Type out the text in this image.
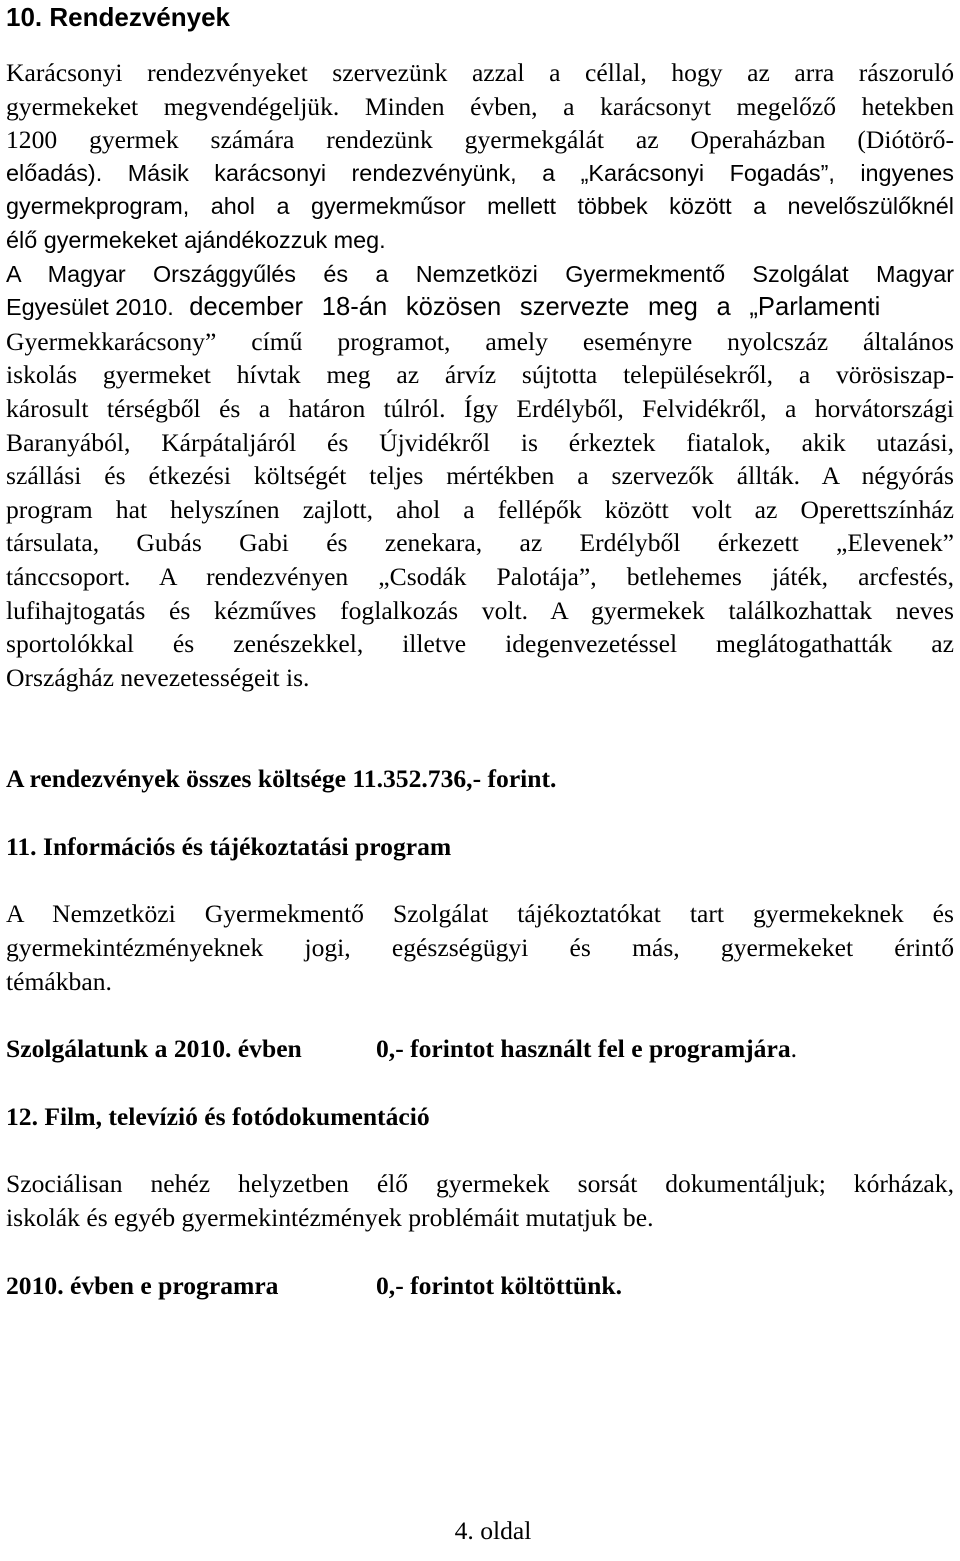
10. Rendezvények
Karácsonyi rendezvényeket szervezünk azzal a céllal, hogy az arra rászoruló
gyermekeket megvendégeljük. Minden évben, a karácsonyt megelőző hetekben
1200 gyermek számára rendezünk gyermekgálát az Operaházban (Diótörő-
előadás). Másik karácsonyi rendezvényünk, a „Karácsonyi Fogadás”, ingyenes
gyermekprogram, ahol a gyermekműsor mellett többek között a nevelőszülőknél
élő gyermekeket ajándékozzuk meg.
A Magyar Országgyűlés és a Nemzetközi Gyermekmentő Szolgálat Magyar
Egyesület 2010. december 18-án közösen szervezte meg a „Parlamenti
Gyermekkarácsony” című programot, amely eseményre nyolcszáz általános
iskolás gyermeket hívtak meg az árvíz sújtotta településekről, a vörösiszap-
károsult térségből és a határon túlról. Így Erdélyből, Felvidékről, a horvátországi
Baranyából, Kárpátaljáról és Újvidékről is érkeztek fiatalok, akik utazási,
szállási és étkezési költségét teljes mértékben a szervezők állták. A négyórás
program hat helyszínen zajlott, ahol a fellépők között volt az Operettszínház
társulata, Gubás Gabi és zenekara, az Erdélyből érkezett „Elevenek”
tánccsoport. A rendezvényen „Csodák Palotája”, betlehemes játék, arcfestés,
lufihajtogatás és kézműves foglalkozás volt. A gyermekek találkozhattak neves
sportolókkal és zenészekkel, illetve idegenvezetéssel meglátogathatták az
Országház nevezetességeit is.

A rendezvények összes költsége 11.352.736,- forint.

11. Információs és tájékoztatási program

A Nemzetközi Gyermekmentő Szolgálat tájékoztatókat tart gyermekeknek és
gyermekintézményeknek jogi, egészségügyi és más, gyermekeket érintő
témákban.

Szolgálatunk a 2010. évben	0,- forintot használt fel e programjára.

12. Film, televízió és fotódokumentáció

Szociálisan nehéz helyzetben élő gyermekek sorsát dokumentáljuk; kórházak,
iskolák és egyéb gyermekintézmények problémáit mutatjuk be.

2010. évben e programra	0,- forintot költöttünk.

4. oldal
